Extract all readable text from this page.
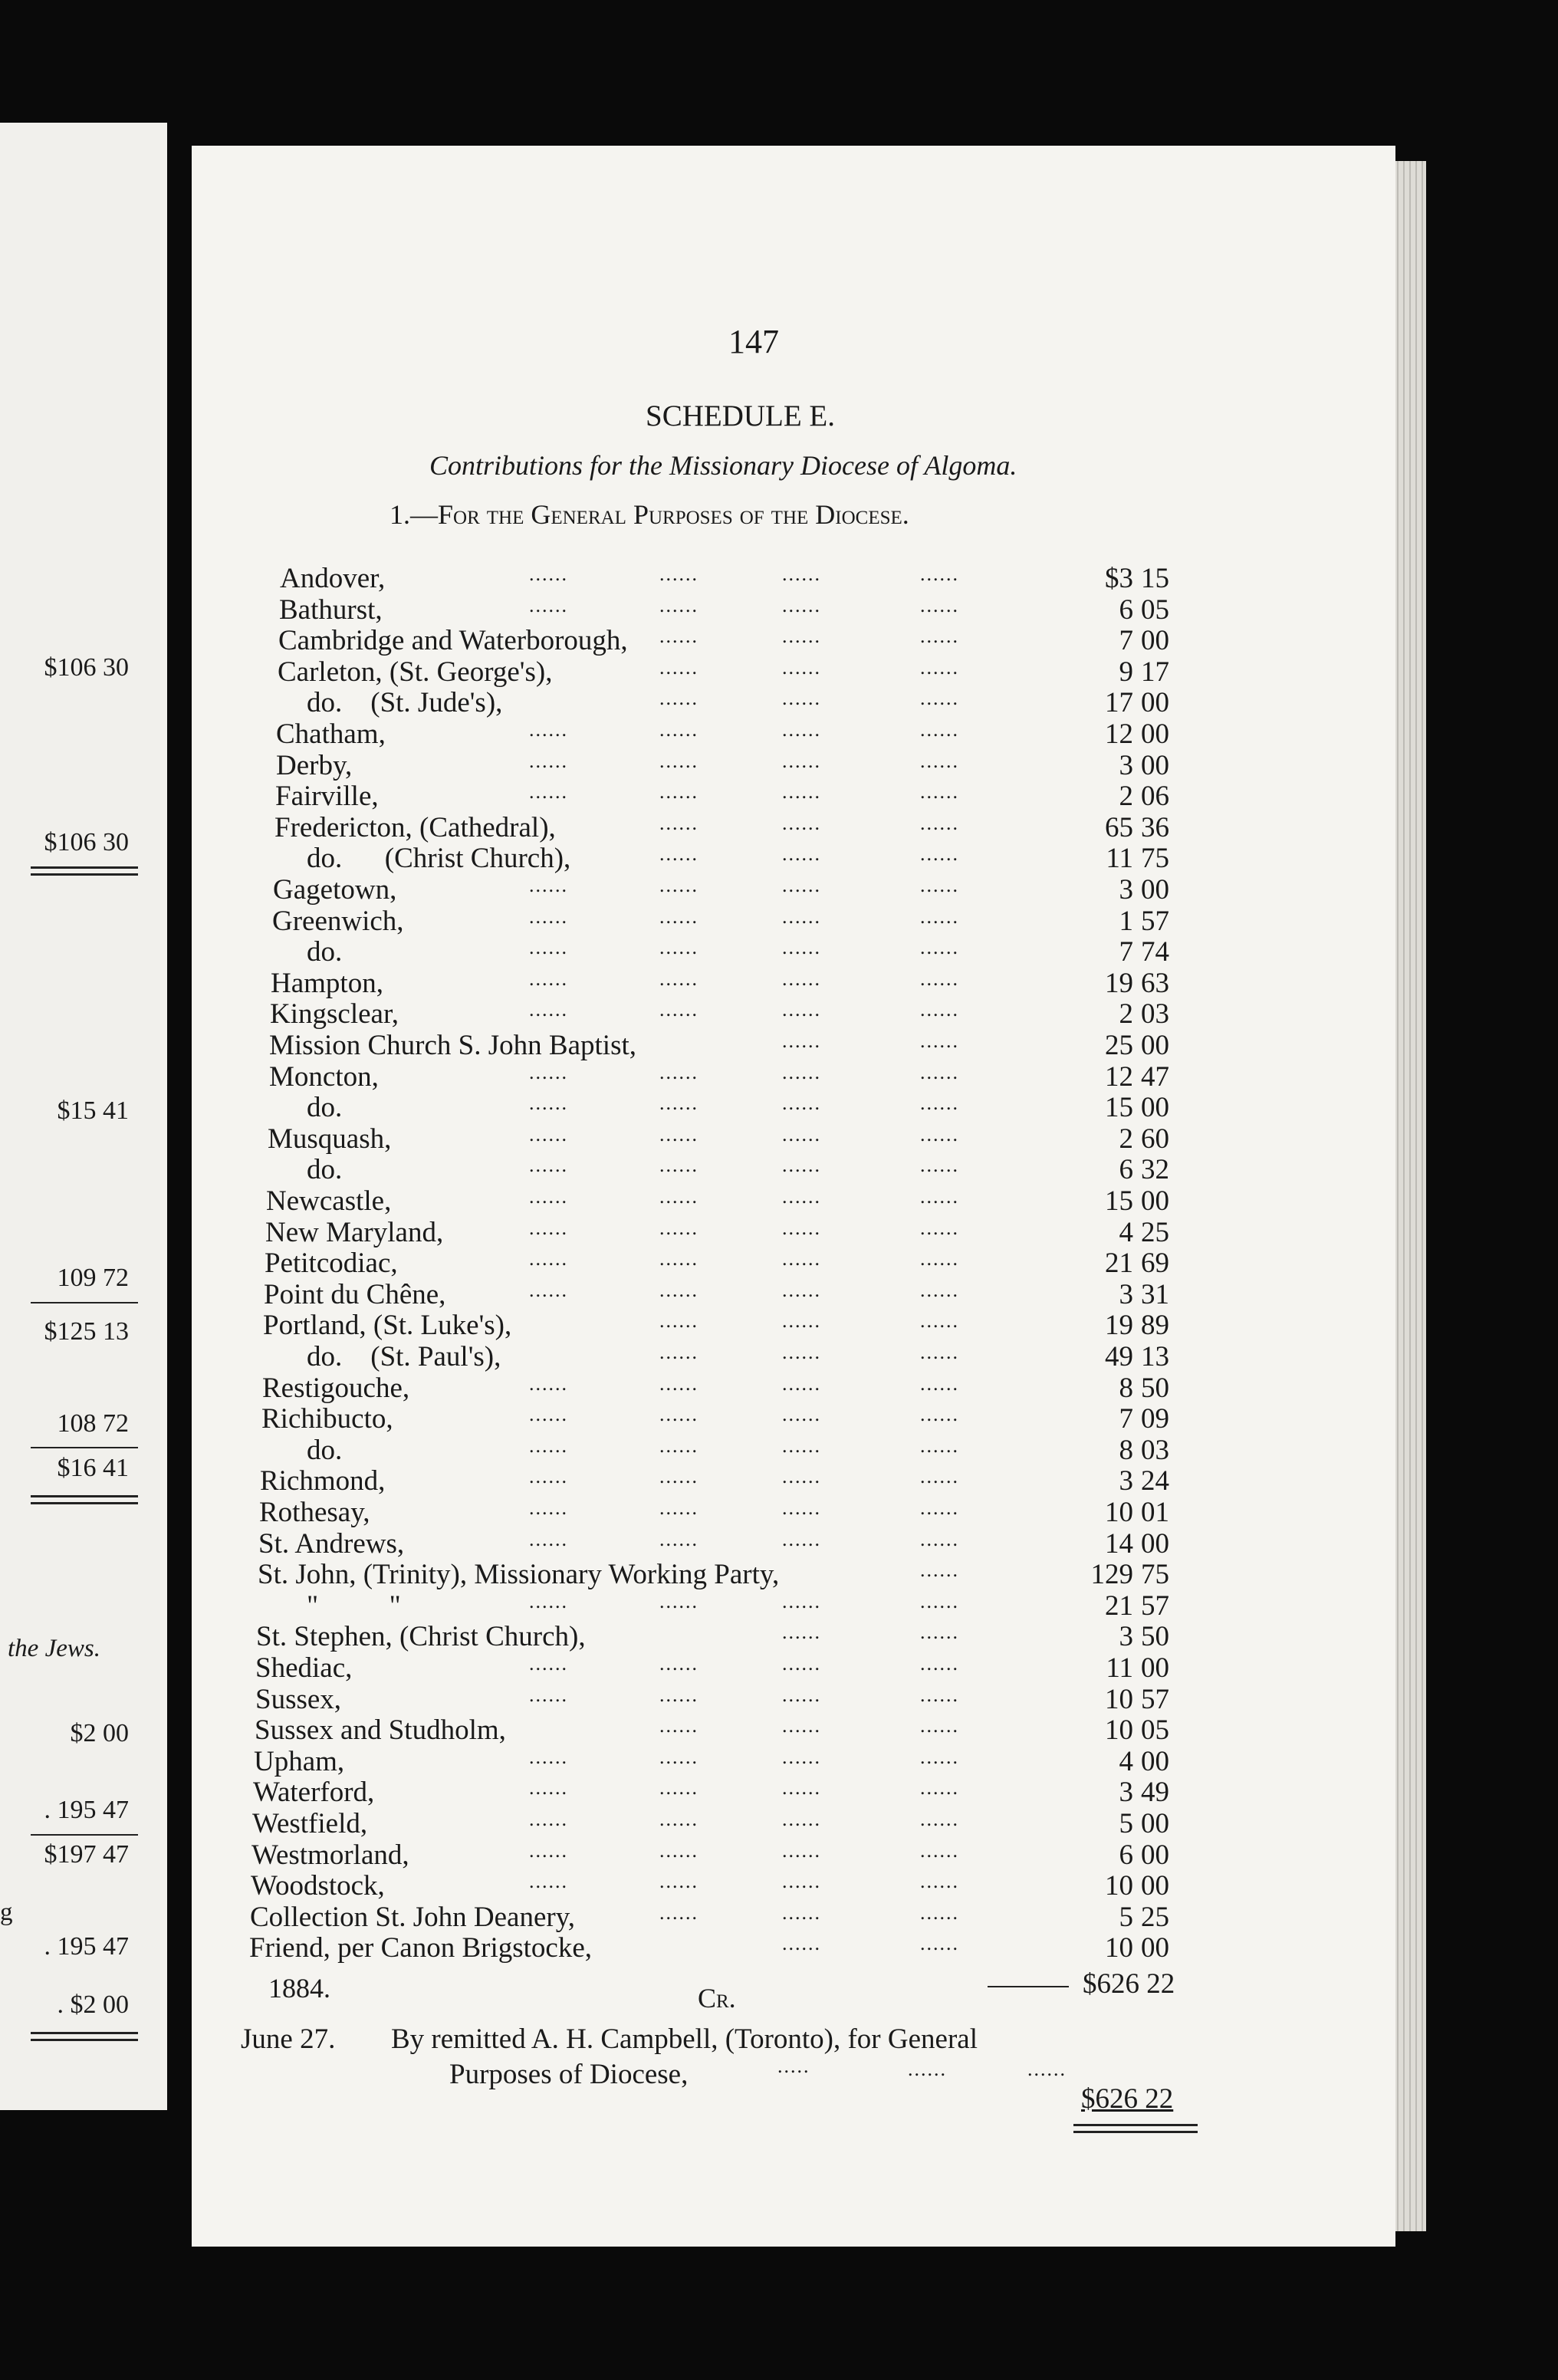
$106 30
$106 30
$15 41
109 72
$125 13
108 72
$16 41
the Jews.
$2 00
. 195 47
$197 47
g
. 195 47
. $2 00
147
SCHEDULE E.
Contributions for the Missionary Diocese of Algoma.
1.—For the General Purposes of the Diocese.
Andover,	......	......	......	......	$3 15
Bathurst,	......	......	......	......	6 05
Cambridge and Waterborough, ......	......	......	7 00
Carleton, (St. George's),	......	......	......	9 17
do.    (St. Jude's),	......	......	......	17 00
Chatham,	......	......	......	......	12 00
Derby,	......	......	......	......	3 00
Fairville,	......	......	......	......	2 06
Fredericton, (Cathedral),	......	......	......	65 36
do.      (Christ Church),	......	......	......	11 75
Gagetown,	......	......	......	......	3 00
Greenwich,	......	......	......	......	1 57
do.	......	......	......	......	7 74
Hampton,	......	......	......	......	19 63
Kingsclear,	......	......	......	......	2 03
Mission Church S. John Baptist,	......	......	25 00
Moncton,	......	......	......	......	12 47
do.	......	......	......	......	15 00
Musquash,	......	......	......	......	2 60
do.	......	......	......	......	6 32
Newcastle,	......	......	......	......	15 00
New Maryland,	......	......	......	......	4 25
Petitcodiac,	......	......	......	......	21 69
Point du Chêne,	......	......	......	......	3 31
Portland, (St. Luke's),	......	......	......	19 89
do.    (St. Paul's),	......	......	......	49 13
Restigouche,	......	......	......	......	8 50
Richibucto,	......	......	......	......	7 09
do.	......	......	......	......	8 03
Richmond,	......	......	......	......	3 24
Rothesay,	......	......	......	......	10 01
St. Andrews,	......	......	......	......	14 00
St. John, (Trinity), Missionary Working Party,	......	129 75
"          "	......	......	......	......	21 57
St. Stephen, (Christ Church),	......	......	3 50
Shediac,	......	......	......	......	11 00
Sussex,	......	......	......	......	10 57
Sussex and Studholm,	......	......	......	10 05
Upham,	......	......	......	......	4 00
Waterford,	......	......	......	......	3 49
Westfield,	......	......	......	......	5 00
Westmorland,	......	......	......	......	6 00
Woodstock,	......	......	......	......	10 00
Collection St. John Deanery,	......	......	......	5 25
Friend, per Canon Brigstocke,	......	......	10 00
$626 22
1884.	Cr.
June 27. By remitted A. H. Campbell, (Toronto), for General
Purposes of Diocese,	.....	......	......
$626 22
